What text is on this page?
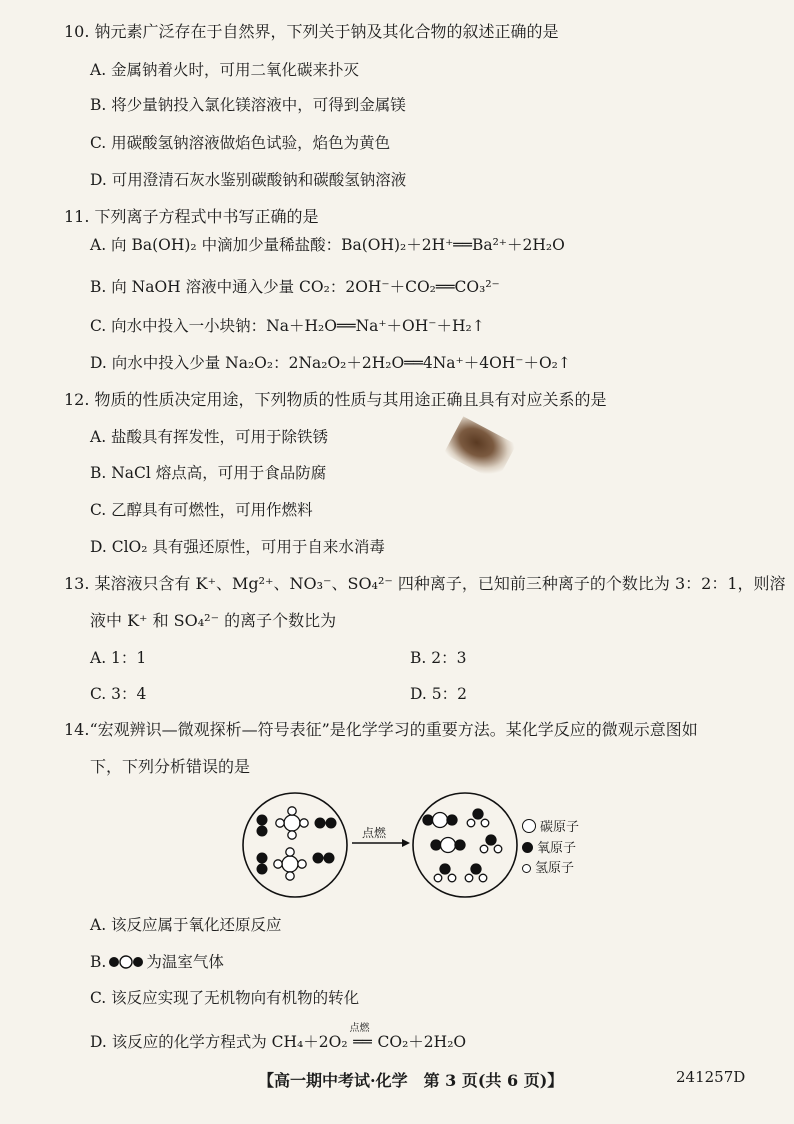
10. 钠元素广泛存在于自然界，下列关于钠及其化合物的叙述正确的是
A. 金属钠着火时，可用二氧化碳来扑灭
B. 将少量钠投入氯化镁溶液中，可得到金属镁
C. 用碳酸氢钠溶液做焰色试验，焰色为黄色
D. 可用澄清石灰水鉴别碳酸钠和碳酸氢钠溶液
11. 下列离子方程式中书写正确的是
A. 向 Ba(OH)₂ 中滴加少量稀盐酸：Ba(OH)₂＋2H⁺══Ba²⁺＋2H₂O
B. 向 NaOH 溶液中通入少量 CO₂：2OH⁻＋CO₂══CO₃²⁻
C. 向水中投入一小块钠：Na＋H₂O══Na⁺＋OH⁻＋H₂↑
D. 向水中投入少量 Na₂O₂：2Na₂O₂＋2H₂O══4Na⁺＋4OH⁻＋O₂↑
12. 物质的性质决定用途，下列物质的性质与其用途正确且具有对应关系的是
A. 盐酸具有挥发性，可用于除铁锈
B. NaCl 熔点高，可用于食品防腐
C. 乙醇具有可燃性，可用作燃料
D. ClO₂ 具有强还原性，可用于自来水消毒
13. 某溶液只含有 K⁺、Mg²⁺、NO₃⁻、SO₄²⁻ 四种离子，已知前三种离子的个数比为 3：2：1，则溶
液中 K⁺ 和 SO₄²⁻ 的离子个数比为
A. 1：1	B. 2：3
C. 3：4	D. 5：2
14.“宏观辨识—微观探析—符号表征”是化学学习的重要方法。某化学反应的微观示意图如
下，下列分析错误的是
点燃	碳原子
氧原子
氢原子
A. 该反应属于氧化还原反应
B.	为温室气体
C. 该反应实现了无机物向有机物的转化
D. 该反应的化学方程式为 CH₄＋2O₂
点燃
══ CO₂＋2H₂O
【高一期中考试·化学　第 3 页(共 6 页)】	241257D
